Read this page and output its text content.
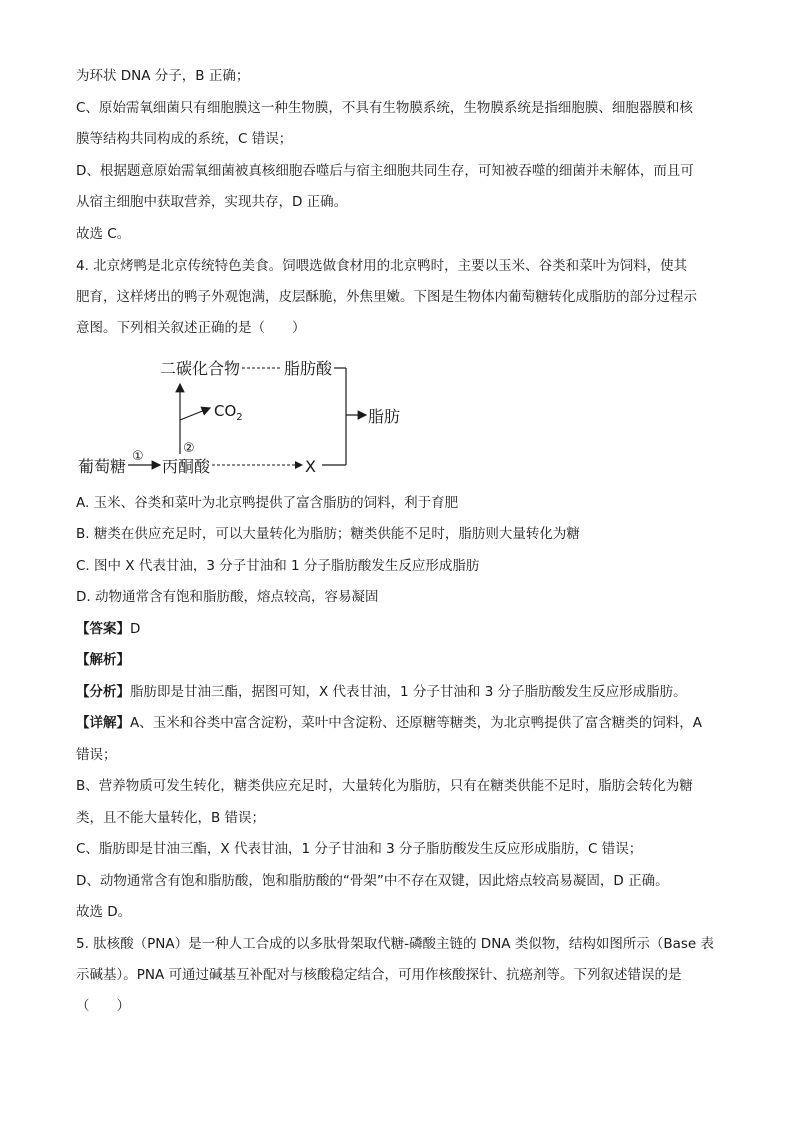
为环状 DNA 分子，B 正确；
C、原始需氧细菌只有细胞膜这一种生物膜，不具有生物膜系统，生物膜系统是指细胞膜、细胞器膜和核
膜等结构共同构成的系统，C 错误；
D、根据题意原始需氧细菌被真核细胞吞噬后与宿主细胞共同生存，可知被吞噬的细菌并未解体，而且可
从宿主细胞中获取营养，实现共存，D 正确。
故选 C。
4. 北京烤鸭是北京传统特色美食。饲喂选做食材用的北京鸭时，主要以玉米、谷类和菜叶为饲料，使其
肥育，这样烤出的鸭子外观饱满，皮层酥脆，外焦里嫩。下图是生物体内葡萄糖转化成脂肪的部分过程示
意图。下列相关叙述正确的是（　　）
葡萄糖
①
丙酮酸	X
②
$CO_2$
二碳化合物	脂肪酸
脂肪
A. 玉米、谷类和菜叶为北京鸭提供了富含脂肪的饲料，利于育肥
B. 糖类在供应充足时，可以大量转化为脂肪；糖类供能不足时，脂肪则大量转化为糖
C. 图中 X 代表甘油，3 分子甘油和 1 分子脂肪酸发生反应形成脂肪
D. 动物通常含有饱和脂肪酸，熔点较高，容易凝固
【答案】D
【解析】
【分析】脂肪即是甘油三酯，据图可知，X 代表甘油，1 分子甘油和 3 分子脂肪酸发生反应形成脂肪。
【详解】A、玉米和谷类中富含淀粉，菜叶中含淀粉、还原糖等糖类，为北京鸭提供了富含糖类的饲料，A
错误；
B、营养物质可发生转化，糖类供应充足时，大量转化为脂肪，只有在糖类供能不足时，脂肪会转化为糖
类，且不能大量转化，B 错误；
C、脂肪即是甘油三酯，X 代表甘油，1 分子甘油和 3 分子脂肪酸发生反应形成脂肪，C 错误；
D、动物通常含有饱和脂肪酸，饱和脂肪酸的“骨架”中不存在双键，因此熔点较高易凝固，D 正确。
故选 D。
5. 肽核酸（PNA）是一种人工合成的以多肽骨架取代糖-磷酸主链的 DNA 类似物，结构如图所示（Base 表
示碱基）。PNA 可通过碱基互补配对与核酸稳定结合，可用作核酸探针、抗癌剂等。下列叙述错误的是
（　　）
